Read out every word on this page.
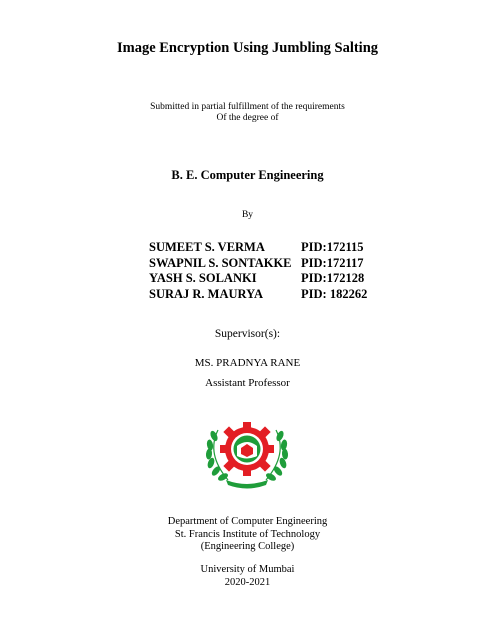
Image Encryption Using Jumbling Salting
Submitted in partial fulfillment of the requirements
Of the degree of
B. E. Computer Engineering
By
SUMEET S. VERMA	PID:172115
SWAPNIL S. SONTAKKE PID:172117
YASH S. SOLANKI	PID:172128
SURAJ R. MAURYA	PID: 182262
Supervisor(s):
MS. PRADNYA RANE
Assistant Professor
Department of Computer Engineering
St. Francis Institute of Technology
(Engineering College)
University of Mumbai
2020-2021
